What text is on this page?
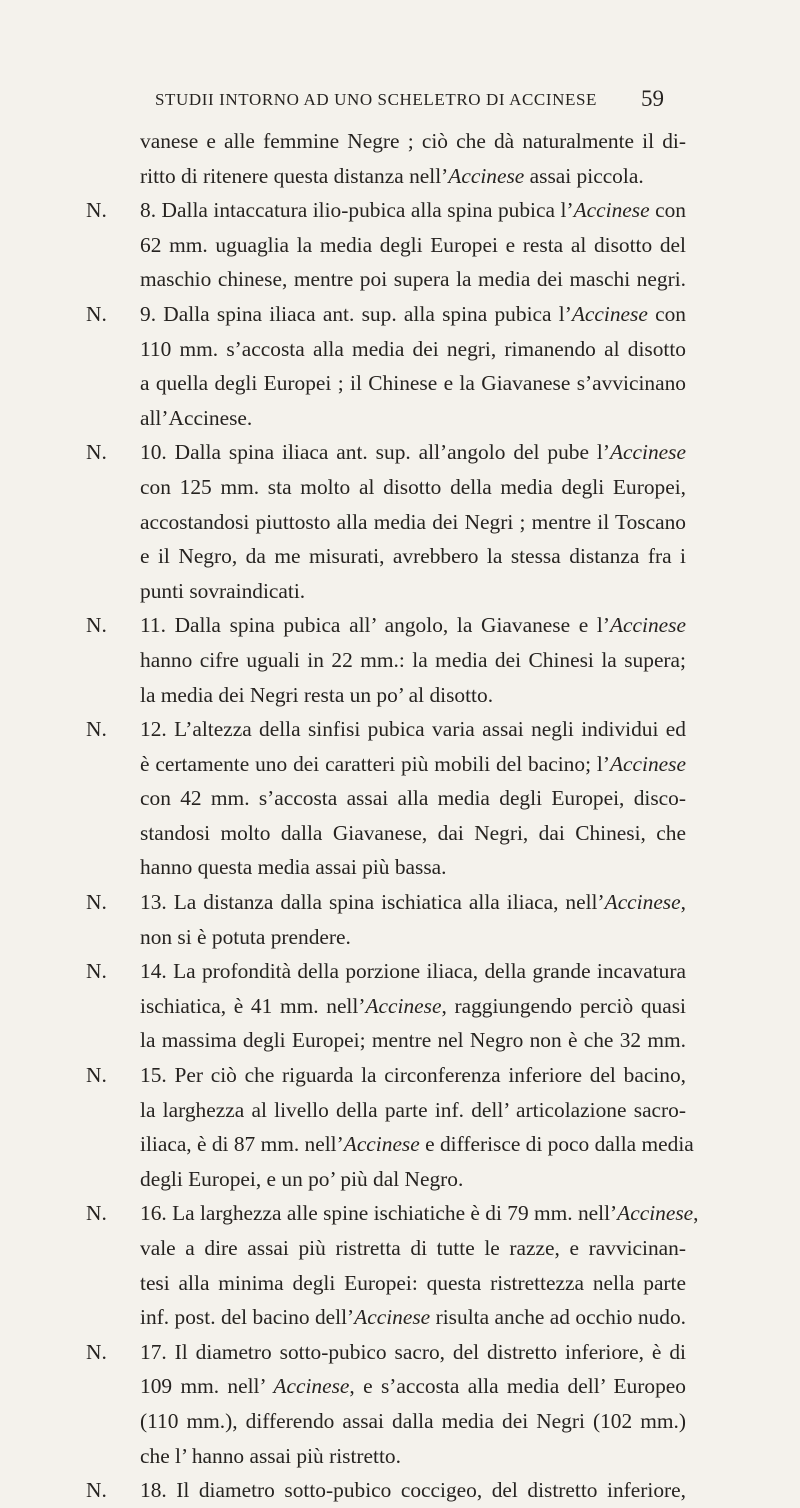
STUDII INTORNO AD UNO SCHELETRO DI ACCINESE	59
vanese e alle femmine Negre ; ciò che dà naturalmente il di-
ritto di ritenere questa distanza nell’Accinese assai piccola.
N. 8. Dalla intaccatura ilio-pubica alla spina pubica l’Accinese con
62 mm. uguaglia la media degli Europei e resta al disotto del
maschio chinese, mentre poi supera la media dei maschi negri.
N. 9. Dalla spina iliaca ant. sup. alla spina pubica l’Accinese con
110 mm. s’accosta alla media dei negri, rimanendo al disotto
a quella degli Europei ; il Chinese e la Giavanese s’avvicinano
all’Accinese.
N. 10. Dalla spina iliaca ant. sup. all’angolo del pube l’Accinese
con 125 mm. sta molto al disotto della media degli Europei,
accostandosi piuttosto alla media dei Negri ; mentre il Toscano
e il Negro, da me misurati, avrebbero la stessa distanza fra i
punti sovraindicati.
N. 11. Dalla spina pubica all’ angolo, la Giavanese e l’Accinese
hanno cifre uguali in 22 mm.: la media dei Chinesi la supera;
la media dei Negri resta un po’ al disotto.
N. 12. L’altezza della sinfisi pubica varia assai negli individui ed
è certamente uno dei caratteri più mobili del bacino; l’Accinese
con 42 mm. s’accosta assai alla media degli Europei, disco-
standosi molto dalla Giavanese, dai Negri, dai Chinesi, che
hanno questa media assai più bassa.
N. 13. La distanza dalla spina ischiatica alla iliaca, nell’Accinese,
non si è potuta prendere.
N. 14. La profondità della porzione iliaca, della grande incavatura
ischiatica, è 41 mm. nell’Accinese, raggiungendo perciò quasi
la massima degli Europei; mentre nel Negro non è che 32 mm.
N. 15. Per ciò che riguarda la circonferenza inferiore del bacino,
la larghezza al livello della parte inf. dell’ articolazione sacro-
iliaca, è di 87 mm. nell’Accinese e differisce di poco dalla media
degli Europei, e un po’ più dal Negro.
N. 16. La larghezza alle spine ischiatiche è di 79 mm. nell’Accinese,
vale a dire assai più ristretta di tutte le razze, e ravvicinan-
tesi alla minima degli Europei: questa ristrettezza nella parte
inf. post. del bacino dell’Accinese risulta anche ad occhio nudo.
N. 17. Il diametro sotto-pubico sacro, del distretto inferiore, è di
109 mm. nell’ Accinese, e s’accosta alla media dell’ Europeo
(110 mm.), differendo assai dalla media dei Negri (102 mm.)
che l’ hanno assai più ristretto.
N. 18. Il diametro sotto-pubico coccigeo, del distretto inferiore,
